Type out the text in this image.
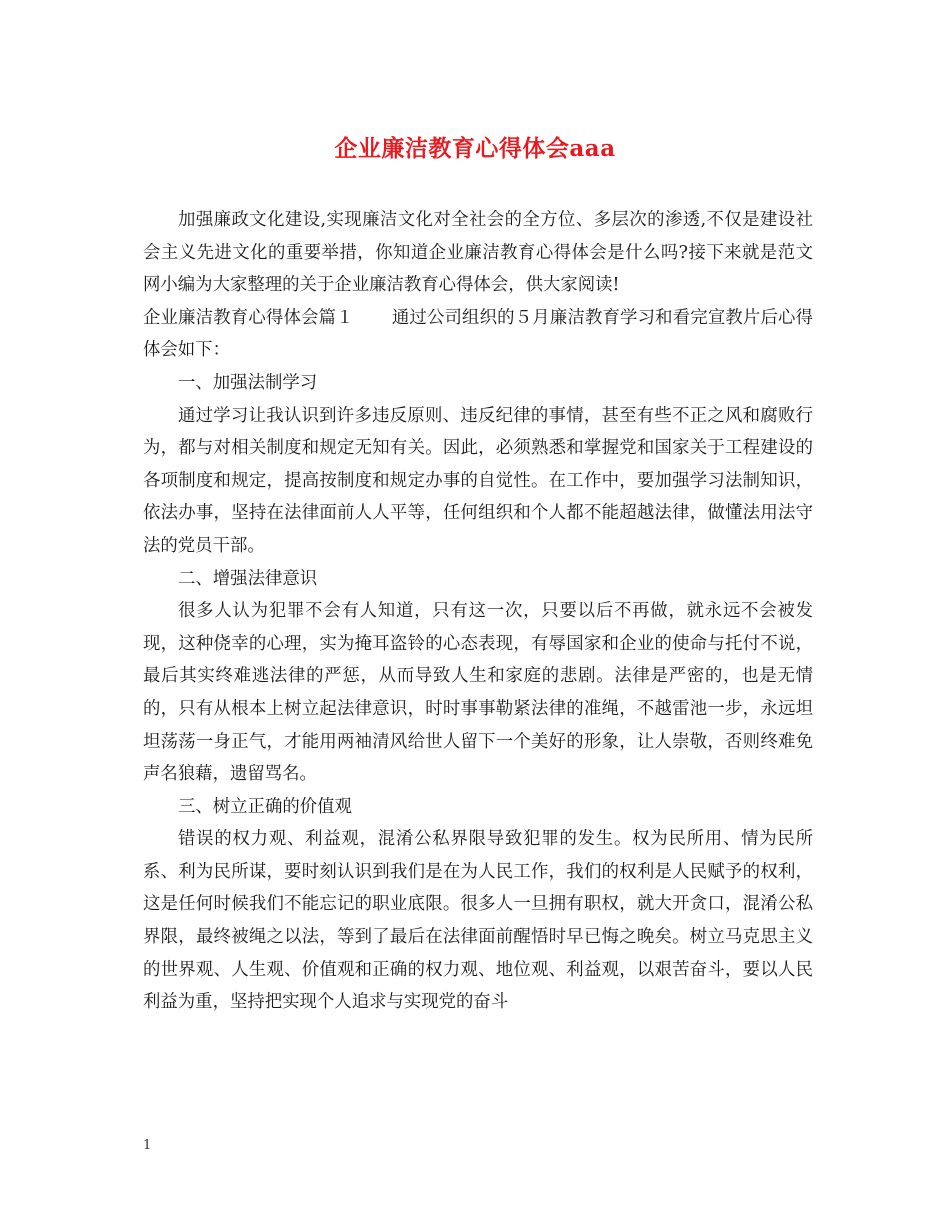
企业廉洁教育心得体会aaa

加强廉政文化建设,实现廉洁文化对全社会的全方位、多层次的渗透,不仅是建设社会主义先进文化的重要举措，你知道企业廉洁教育心得体会是什么吗?接下来就是范文网小编为大家整理的关于企业廉洁教育心得体会，供大家阅读!

企业廉洁教育心得体会篇１ 通过公司组织的５月廉洁教育学习和看完宣教片后心得体会如下：

一、加强法制学习

通过学习让我认识到许多违反原则、违反纪律的事情，甚至有些不正之风和腐败行为，都与对相关制度和规定无知有关。因此，必须熟悉和掌握党和国家关于工程建设的各项制度和规定，提高按制度和规定办事的自觉性。在工作中，要加强学习法制知识，依法办事，坚持在法律面前人人平等，任何组织和个人都不能超越法律，做懂法用法守法的党员干部。

二、增强法律意识

很多人认为犯罪不会有人知道，只有这一次，只要以后不再做，就永远不会被发现，这种侥幸的心理，实为掩耳盗铃的心态表现，有辱国家和企业的使命与托付不说，最后其实终难逃法律的严惩，从而导致人生和家庭的悲剧。法律是严密的，也是无情的，只有从根本上树立起法律意识，时时事事勒紧法律的准绳，不越雷池一步，永远坦坦荡荡一身正气，才能用两袖清风给世人留下一个美好的形象，让人崇敬，否则终难免声名狼藉，遗留骂名。

三、树立正确的价值观

错误的权力观、利益观，混淆公私界限导致犯罪的发生。权为民所用、情为民所系、利为民所谋，要时刻认识到我们是在为人民工作，我们的权利是人民赋予的权利，这是任何时候我们不能忘记的职业底限。很多人一旦拥有职权，就大开贪口，混淆公私界限，最终被绳之以法，等到了最后在法律面前醒悟时早已悔之晚矣。树立马克思主义的世界观、人生观、价值观和正确的权力观、地位观、利益观，以艰苦奋斗，要以人民利益为重，坚持把实现个人追求与实现党的奋斗

1
